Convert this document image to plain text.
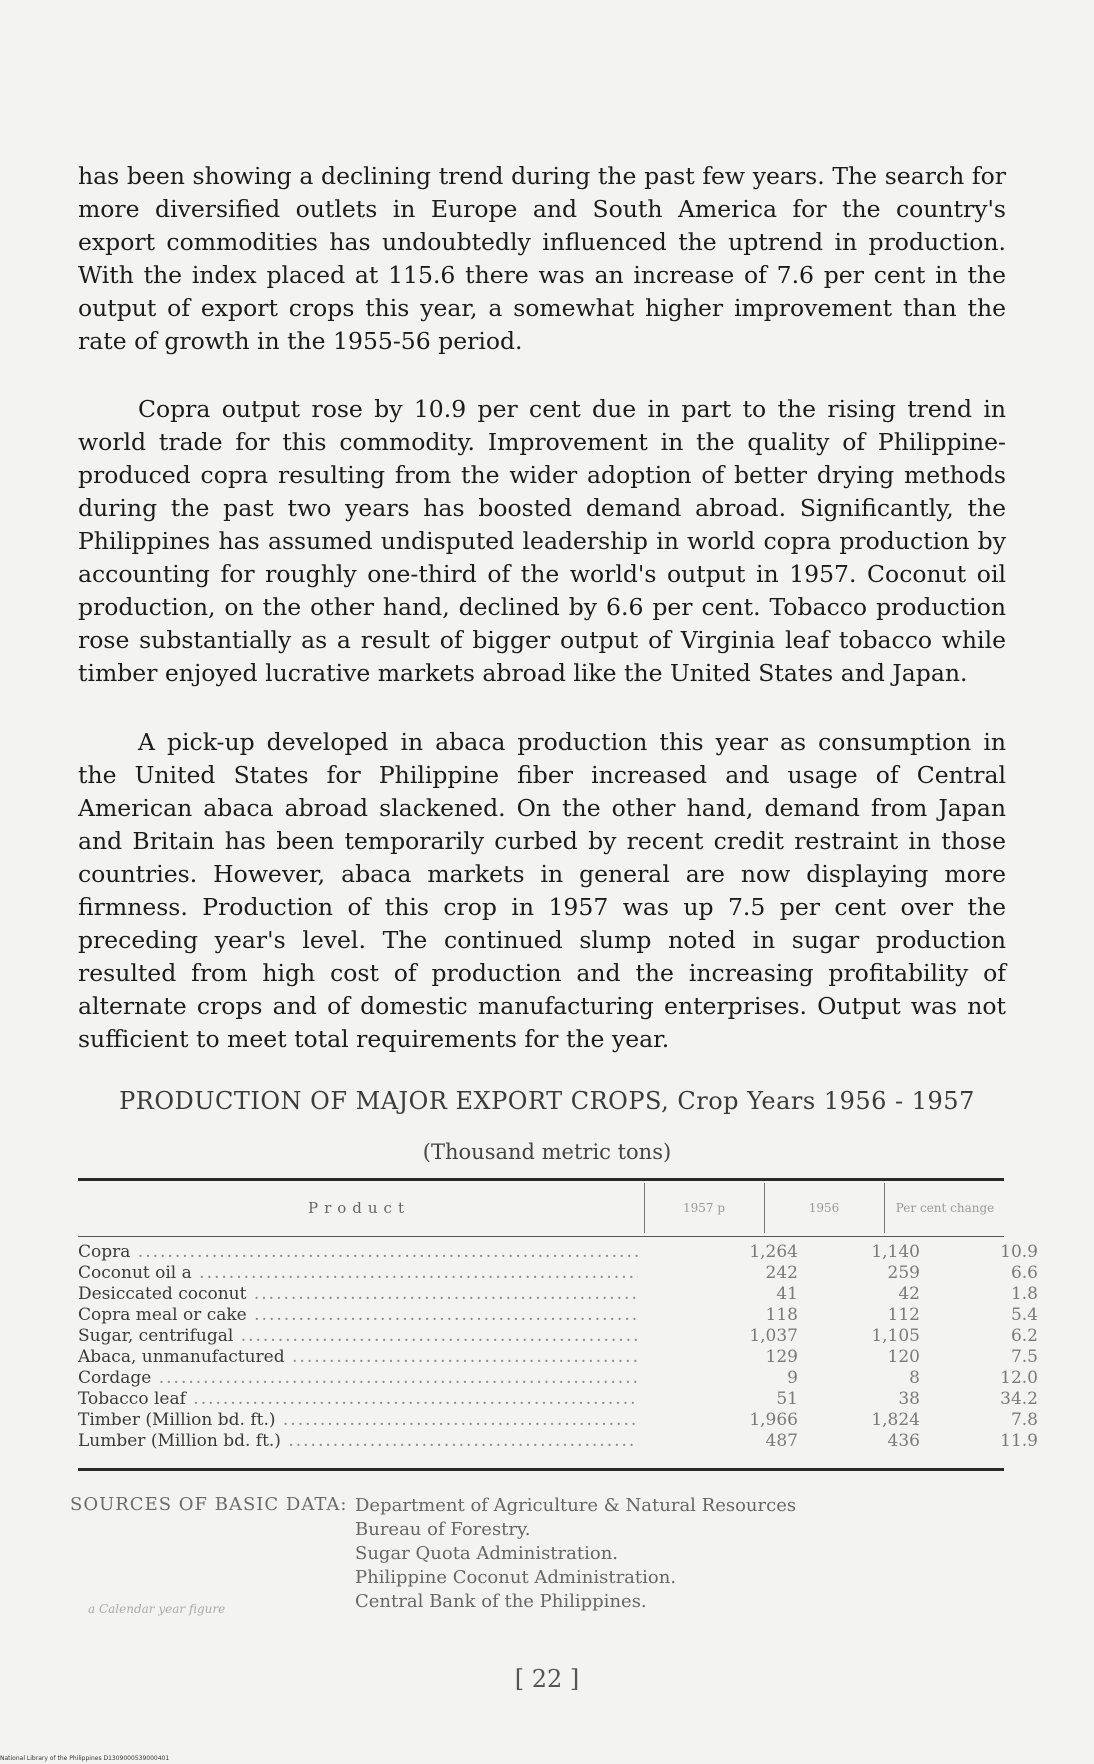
has been showing a declining trend during the past few years. The search for more diversified outlets in Europe and South America for the country's export commodities has undoubtedly influenced the uptrend in production. With the index placed at 115.6 there was an increase of 7.6 per cent in the output of export crops this year, a somewhat higher improvement than the rate of growth in the 1955-56 period.

Copra output rose by 10.9 per cent due in part to the rising trend in world trade for this commodity. Improvement in the quality of Philippine-produced copra resulting from the wider adoption of better drying methods during the past two years has boosted demand abroad. Significantly, the Philippines has assumed undisputed leadership in world copra production by accounting for roughly one-third of the world's output in 1957. Coconut oil production, on the other hand, declined by 6.6 per cent. Tobacco production rose substantially as a result of bigger output of Virginia leaf tobacco while timber enjoyed lucrative markets abroad like the United States and Japan.

A pick-up developed in abaca production this year as consumption in the United States for Philippine fiber increased and usage of Central American abaca abroad slackened. On the other hand, demand from Japan and Britain has been temporarily curbed by recent credit restraint in those countries. However, abaca markets in general are now displaying more firmness. Production of this crop in 1957 was up 7.5 per cent over the preceding year's level. The continued slump noted in sugar production resulted from high cost of production and the increasing profitability of alternate crops and of domestic manufacturing enterprises. Output was not sufficient to meet total requirements for the year.

PRODUCTION OF MAJOR EXPORT CROPS, Crop Years 1956 - 1957
(Thousand metric tons)
Product	1957 p	1956	Per cent change
Copra .....	1,264	1,140	10.9
Coconut oil a .....	242	259	6.6
Desiccated coconut .....	41	42	1.8
Copra meal or cake .....	118	112	5.4
Sugar, centrifugal .....	1,037	1,105	6.2
Abaca, unmanufactured .....	129	120	7.5
Cordage .....	9	8	12.0
Tobacco leaf .....	51	38	34.2
Timber (Million bd. ft.) .....	1,966	1,824	7.8
Lumber (Million bd. ft.) .....	487	436	11.9
SOURCES OF BASIC DATA: Department of Agriculture & Natural Resources
Bureau of Forestry.
Sugar Quota Administration.
Philippine Coconut Administration.
Central Bank of the Philippines.
a Calendar year figure
[ 22 ]
National Library of the Philippines D1309000539000401
